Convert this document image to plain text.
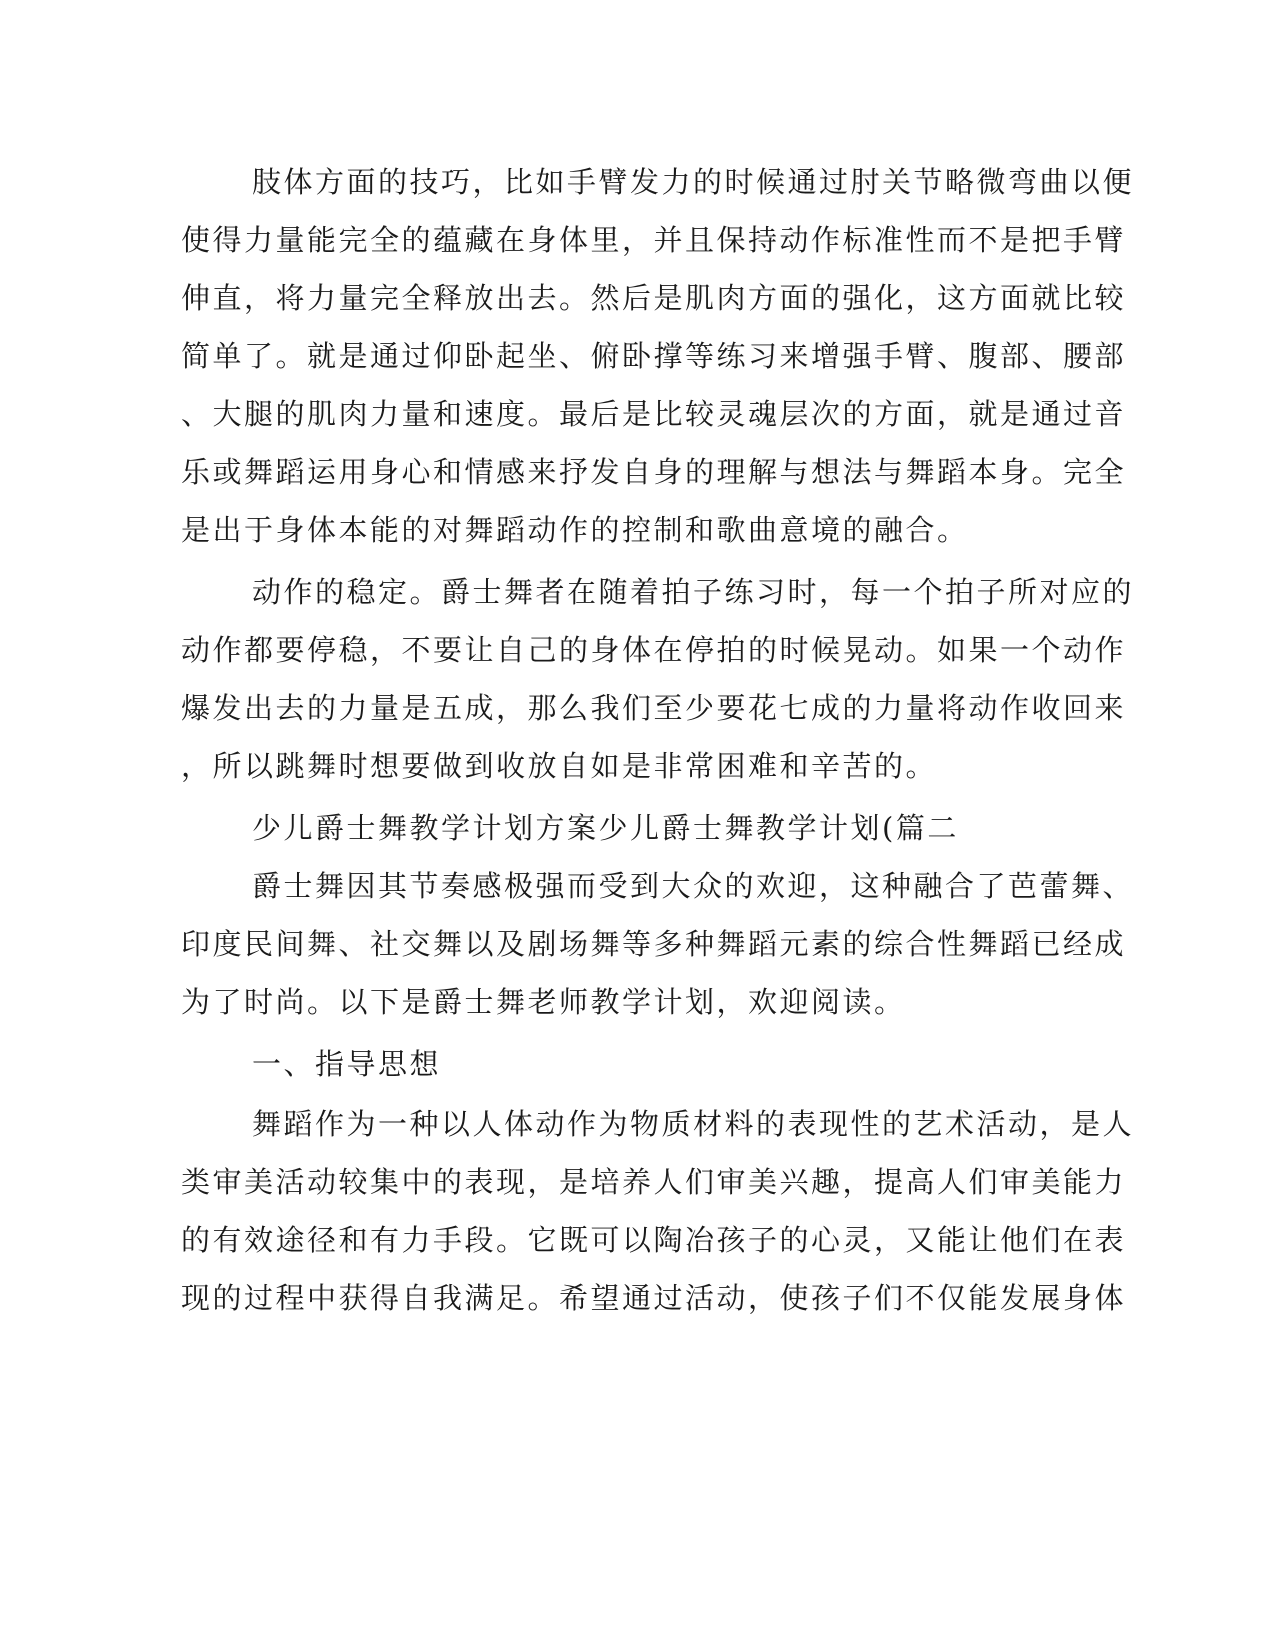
肢体方面的技巧，比如手臂发力的时候通过肘关节略微弯曲以便
使得力量能完全的蕴藏在身体里，并且保持动作标准性而不是把手臂
伸直，将力量完全释放出去。然后是肌肉方面的强化，这方面就比较
简单了。就是通过仰卧起坐、俯卧撑等练习来增强手臂、腹部、腰部
、大腿的肌肉力量和速度。最后是比较灵魂层次的方面，就是通过音
乐或舞蹈运用身心和情感来抒发自身的理解与想法与舞蹈本身。完全
是出于身体本能的对舞蹈动作的控制和歌曲意境的融合。
动作的稳定。爵士舞者在随着拍子练习时，每一个拍子所对应的
动作都要停稳，不要让自己的身体在停拍的时候晃动。如果一个动作
爆发出去的力量是五成，那么我们至少要花七成的力量将动作收回来
，所以跳舞时想要做到收放自如是非常困难和辛苦的。
少儿爵士舞教学计划方案少儿爵士舞教学计划(篇二
爵士舞因其节奏感极强而受到大众的欢迎，这种融合了芭蕾舞、
印度民间舞、社交舞以及剧场舞等多种舞蹈元素的综合性舞蹈已经成
为了时尚。以下是爵士舞老师教学计划，欢迎阅读。
一、指导思想
舞蹈作为一种以人体动作为物质材料的表现性的艺术活动，是人
类审美活动较集中的表现，是培养人们审美兴趣，提高人们审美能力
的有效途径和有力手段。它既可以陶冶孩子的心灵，又能让他们在表
现的过程中获得自我满足。希望通过活动，使孩子们不仅能发展身体
